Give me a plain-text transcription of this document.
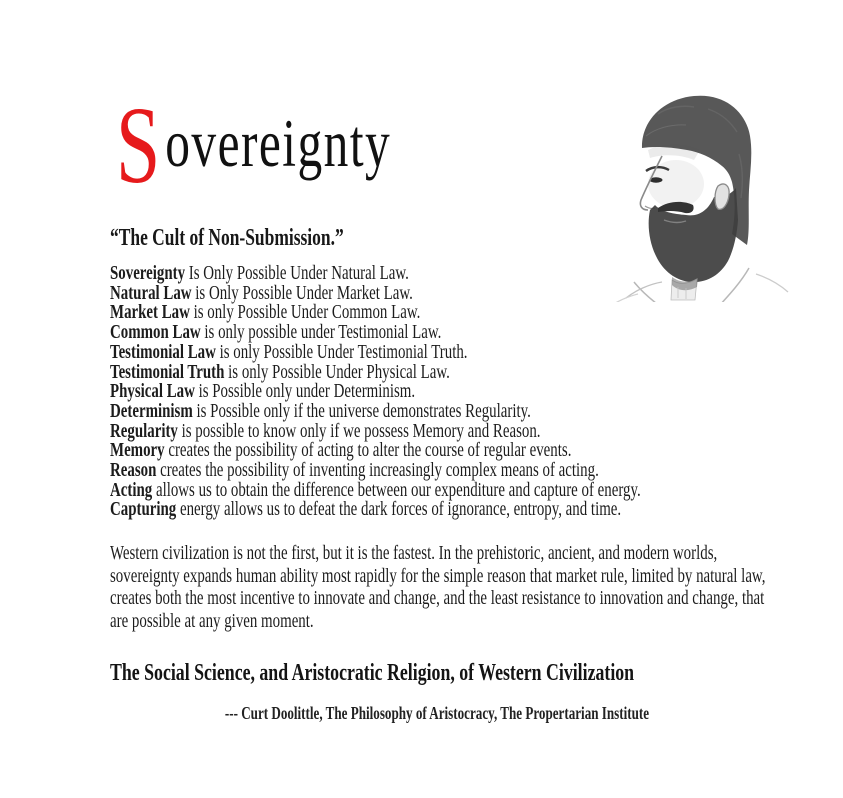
S overeignty
“The Cult of Non-Submission.”
Sovereignty Is Only Possible Under Natural Law.
Natural Law is Only Possible Under Market Law.
Market Law is only Possible Under Common Law.
Common Law is only possible under Testimonial Law.
Testimonial Law is only Possible Under Testimonial Truth.
Testimonial Truth is only Possible Under Physical Law.
Physical Law is Possible only under Determinism.
Determinism is Possible only if the universe demonstrates Regularity.
Regularity is possible to know only if we possess Memory and Reason.
Memory creates the possibility of acting to alter the course of regular events.
Reason creates the possibility of inventing increasingly complex means of acting.
Acting allows us to obtain the difference between our expenditure and capture of energy.
Capturing energy allows us to defeat the dark forces of ignorance, entropy, and time.
Western civilization is not the first, but it is the fastest. In the prehistoric, ancient, and modern worlds, sovereignty expands human ability most rapidly for the simple reason that market rule, limited by natural law, creates both the most incentive to innovate and change, and the least resistance to innovation and change, that are possible at any given moment.
The Social Science, and Aristocratic Religion, of Western Civilization
--- Curt Doolittle, The Philosophy of Aristocracy, The Propertarian Institute
